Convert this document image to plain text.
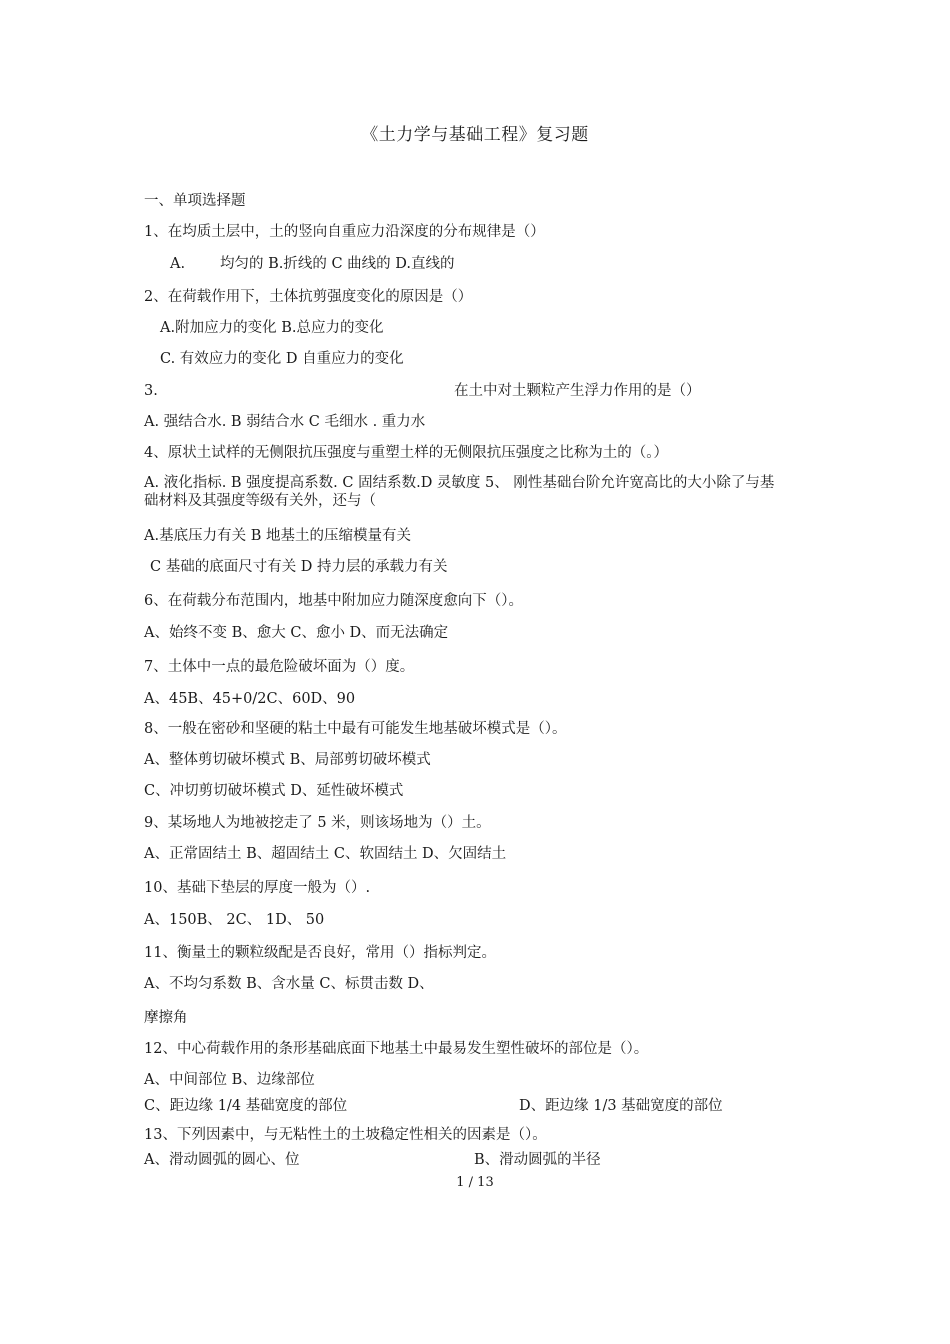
《土力学与基础工程》复习题
一、单项选择题
1、在均质土层中，土的竖向自重应力沿深度的分布规律是（）
A. 均匀的 B.折线的 C 曲线的 D.直线的
2、在荷载作用下，土体抗剪强度变化的原因是（）
A.附加应力的变化 B.总应力的变化
C. 有效应力的变化 D 自重应力的变化
3.	在土中对土颗粒产生浮力作用的是（）
A. 强结合水. B 弱结合水 C 毛细水 . 重力水
4、原状土试样的无侧限抗压强度与重塑土样的无侧限抗压强度之比称为土的（。）
A. 液化指标. B 强度提高系数. C 固结系数.D 灵敏度 5、 刚性基础台阶允许宽高比的大小除了与基础材料及其强度等级有关外，还与（
A.基底压力有关 B 地基土的压缩模量有关
C 基础的底面尺寸有关 D 持力层的承载力有关
6、在荷载分布范围内，地基中附加应力随深度愈向下（）。
A、始终不变 B、愈大 C、愈小 D、而无法确定
7、土体中一点的最危险破坏面为（）度。
A、45B、45+0/2C、60D、90
8、一般在密砂和坚硬的粘土中最有可能发生地基破坏模式是（）。
A、整体剪切破坏模式 B、局部剪切破坏模式
C、冲切剪切破坏模式 D、延性破坏模式
9、某场地人为地被挖走了 5 米，则该场地为（）土。
A、正常固结土 B、超固结土 C、软固结土 D、欠固结土
10、基础下垫层的厚度一般为（）.
A、150B、 2C、 1D、 50
11、衡量土的颗粒级配是否良好，常用（）指标判定。
A、不均匀系数 B、含水量 C、标贯击数 D、
摩擦角
12、中心荷载作用的条形基础底面下地基土中最易发生塑性破坏的部位是（）。
A、中间部位 B、边缘部位
C、距边缘 1/4 基础宽度的部位	D、距边缘 1/3 基础宽度的部位
13、下列因素中，与无粘性土的土坡稳定性相关的因素是（）。
A、滑动圆弧的圆心、位	B、滑动圆弧的半径
1 / 13
